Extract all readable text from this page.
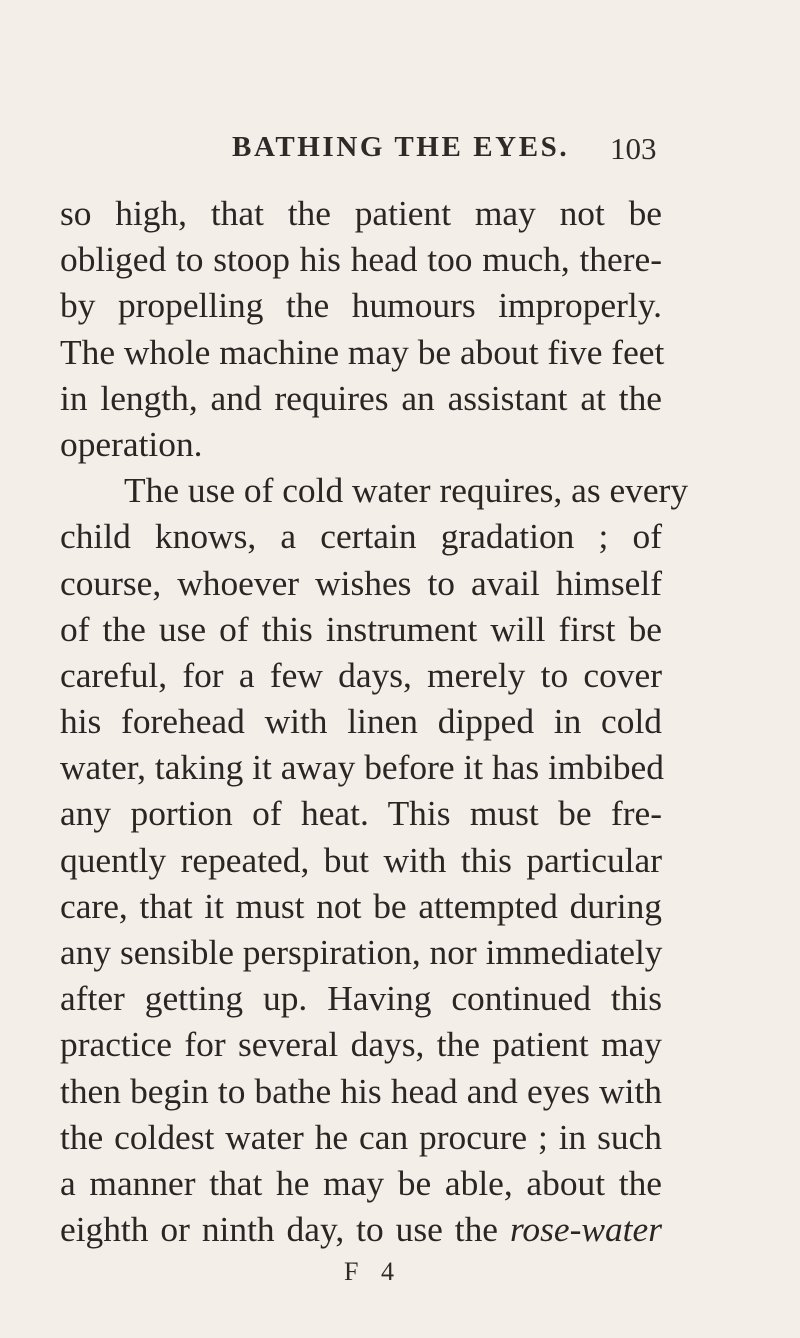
BATHING THE EYES. 103
so high, that the patient may not be
obliged to stoop his head too much, there-
by propelling the humours improperly.
The whole machine may be about five feet
in length, and requires an assistant at the
operation.
The use of cold water requires, as every
child knows, a certain gradation ; of
course, whoever wishes to avail himself
of the use of this instrument will first be
careful, for a few days, merely to cover
his forehead with linen dipped in cold
water, taking it away before it has imbibed
any portion of heat. This must be fre-
quently repeated, but with this particular
care, that it must not be attempted during
any sensible perspiration, nor immediately
after getting up. Having continued this
practice for several days, the patient may
then begin to bathe his head and eyes with
the coldest water he can procure ; in such
a manner that he may be able, about the
eighth or ninth day, to use the rose-water
F 4
